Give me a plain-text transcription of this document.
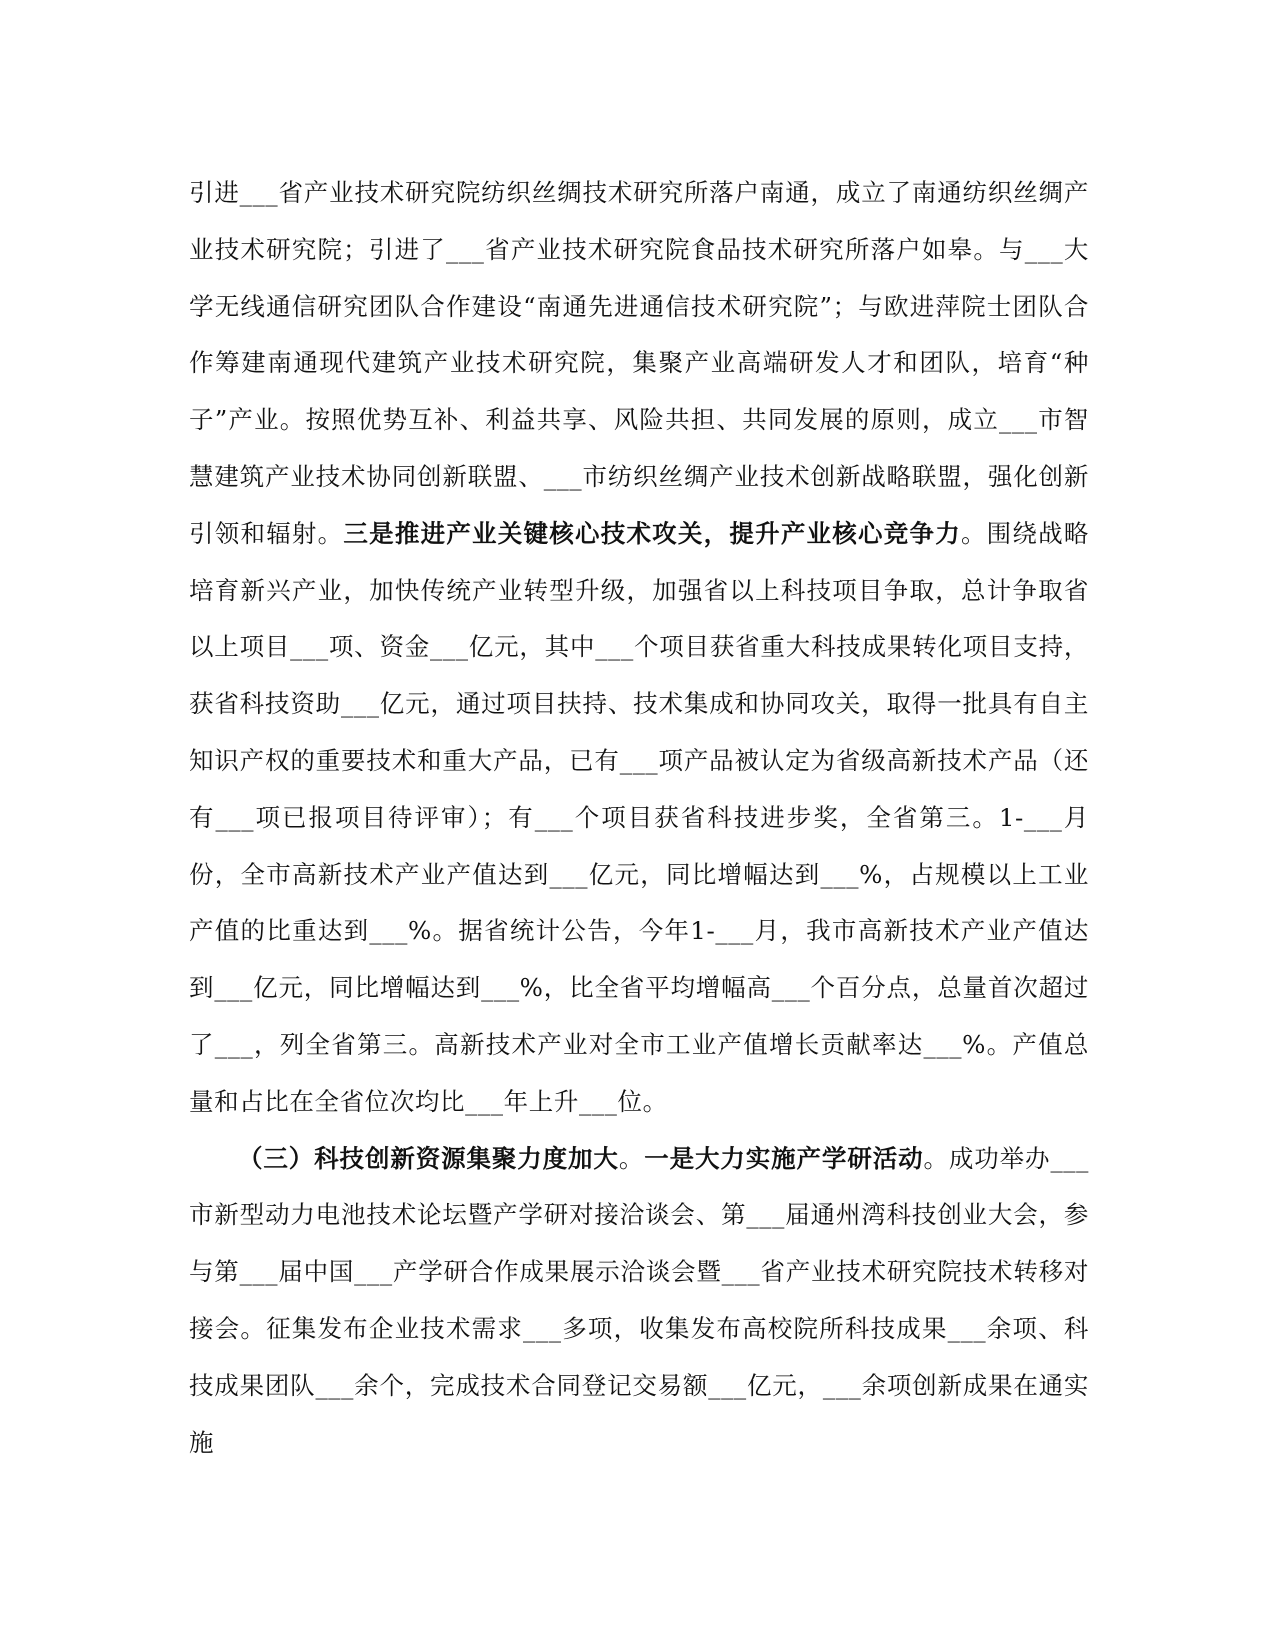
引进___省产业技术研究院纺织丝绸技术研究所落户南通，成立了南通纺织丝绸产业技术研究院；引进了___省产业技术研究院食品技术研究所落户如皋。与___大学无线通信研究团队合作建设“南通先进通信技术研究院”；与欧进萍院士团队合作筹建南通现代建筑产业技术研究院，集聚产业高端研发人才和团队，培育“种子”产业。按照优势互补、利益共享、风险共担、共同发展的原则，成立___市智慧建筑产业技术协同创新联盟、___市纺织丝绸产业技术创新战略联盟，强化创新引领和辐射。三是推进产业关键核心技术攻关，提升产业核心竞争力。围绕战略培育新兴产业，加快传统产业转型升级，加强省以上科技项目争取，总计争取省以上项目___项、资金___亿元，其中___个项目获省重大科技成果转化项目支持，获省科技资助___亿元，通过项目扶持、技术集成和协同攻关，取得一批具有自主知识产权的重要技术和重大产品，已有___项产品被认定为省级高新技术产品（还有___项已报项目待评审）；有___个项目获省科技进步奖，全省第三。1-___月份，全市高新技术产业产值达到___亿元，同比增幅达到___%，占规模以上工业产值的比重达到___%。据省统计公告，今年1-___月，我市高新技术产业产值达到___亿元，同比增幅达到___%，比全省平均增幅高___个百分点，总量首次超过了___，列全省第三。高新技术产业对全市工业产值增长贡献率达___%。产值总量和占比在全省位次均比___年上升___位。

（三）科技创新资源集聚力度加大。一是大力实施产学研活动。成功举办___市新型动力电池技术论坛暨产学研对接洽谈会、第___届通州湾科技创业大会，参与第___届中国___产学研合作成果展示洽谈会暨___省产业技术研究院技术转移对接会。征集发布企业技术需求___多项，收集发布高校院所科技成果___余项、科技成果团队___余个，完成技术合同登记交易额___亿元，___余项创新成果在通实施
